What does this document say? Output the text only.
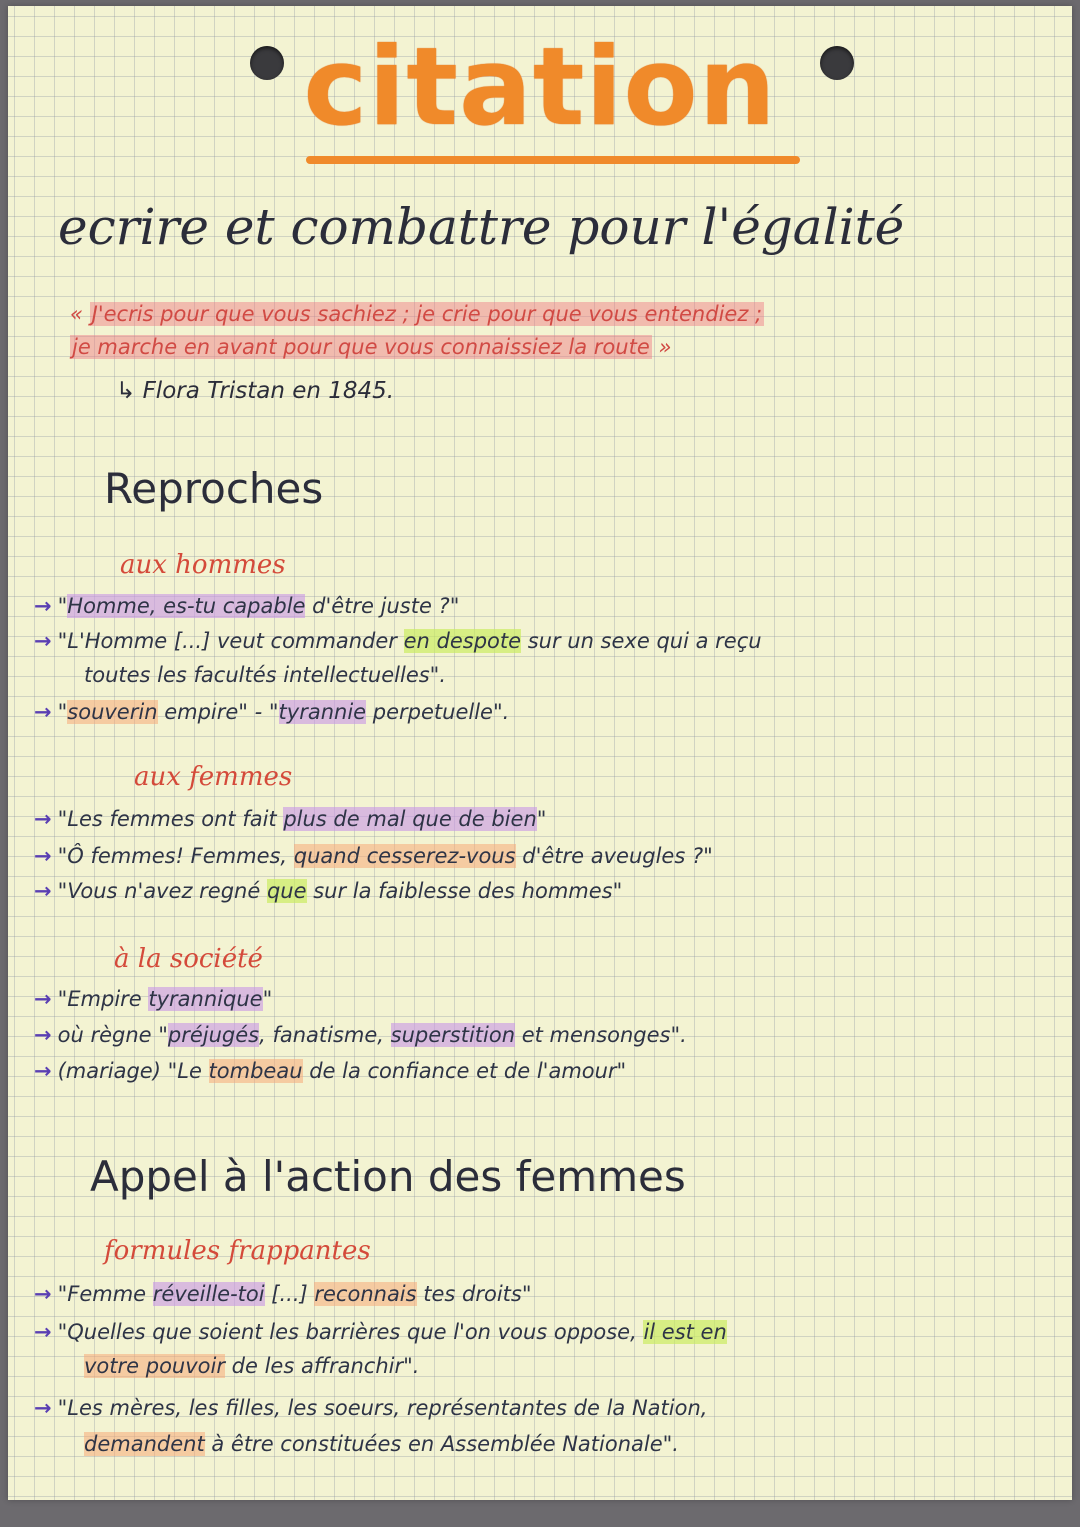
citation
ecrire et combattre pour l'égalité
« J'ecris pour que vous sachiez ; je crie pour que vous entendiez ;
je marche en avant pour que vous connaissiez la route »
↳ Flora Tristan en 1845.
Reproches
aux hommes
→ "Homme, es-tu capable d'être juste ?"
→ "L'Homme [...] veut commander en despote sur un sexe qui a reçu
toutes les facultés intellectuelles".
→ "souverin empire" - "tyrannie perpetuelle".
aux femmes
→ "Les femmes ont fait plus de mal que de bien"
→ "Ô femmes! Femmes, quand cesserez-vous d'être aveugles ?"
→ "Vous n'avez regné que sur la faiblesse des hommes"
à la société
→ "Empire tyrannique"
→ où règne "préjugés, fanatisme, superstition et mensonges".
→ (mariage) "Le tombeau de la confiance et de l'amour"
Appel à l'action des femmes
formules frappantes
→ "Femme réveille-toi [...] reconnais tes droits"
→ "Quelles que soient les barrières que l'on vous oppose, il est en
votre pouvoir de les affranchir".
→ "Les mères, les filles, les soeurs, représentantes de la Nation,
demandent à être constituées en Assemblée Nationale".
